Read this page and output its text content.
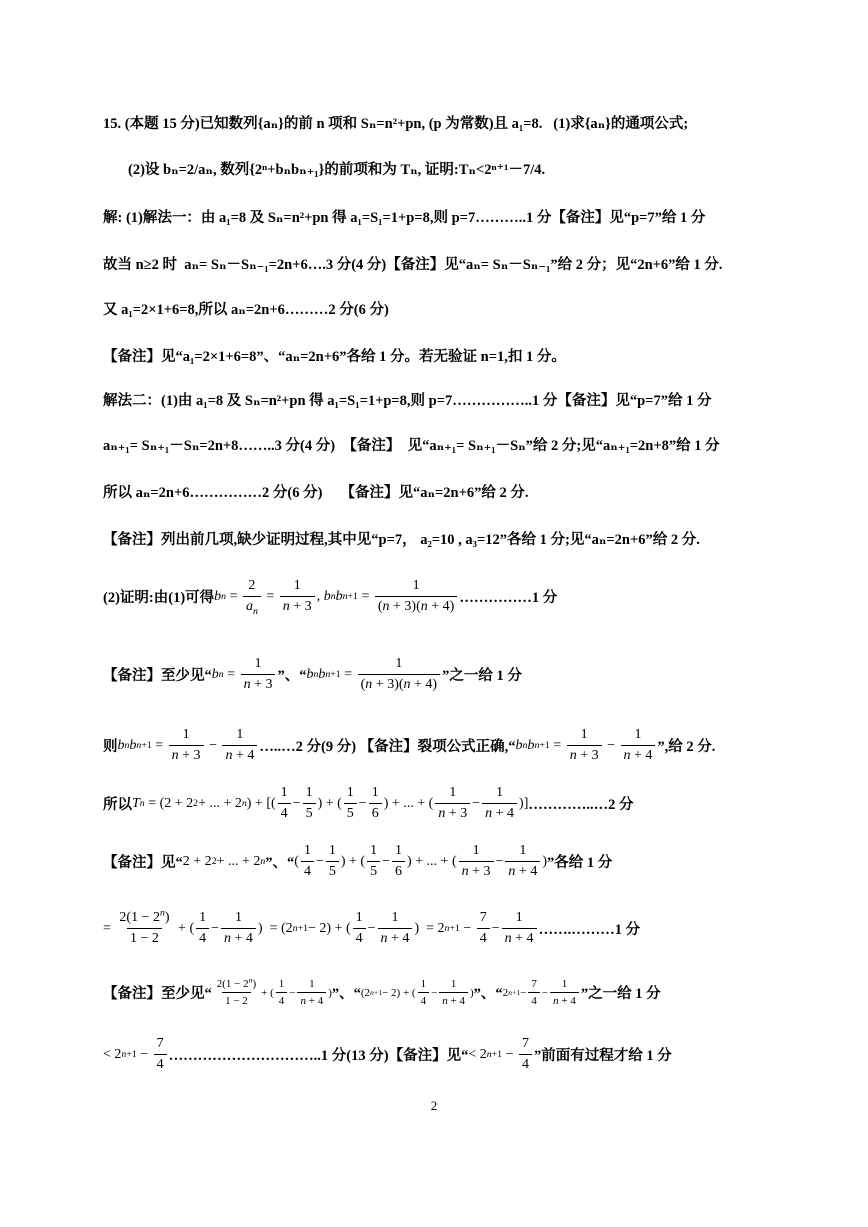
15. (本题 15 分)已知数列{aₙ}的前 n 项和 Sₙ=n²+pn, (p 为常数)且 a₁=8.   (1)求{aₙ}的通项公式;
(2)设 bₙ=2/aₙ, 数列{2ⁿ+bₙbₙ₊₁}的前项和为 Tₙ, 证明:Tₙ<2ⁿ⁺¹－7/4.
解: (1)解法一：由 a₁=8 及 Sₙ=n²+pn 得 a₁=S₁=1+p=8,则 p=7………..1 分【备注】见“p=7”给 1 分
故当 n≥2 时  aₙ= Sₙ－Sₙ₋₁=2n+6….3 分(4 分)【备注】见“aₙ= Sₙ－Sₙ₋₁”给 2 分；见“2n+6”给 1 分.
又 a₁=2×1+6=8,所以 aₙ=2n+6………2 分(6 分)
【备注】见“a₁=2×1+6=8”、“aₙ=2n+6”各给 1 分。若无验证 n=1,扣 1 分。
解法二：(1)由 a₁=8 及 Sₙ=n²+pn 得 a₁=S₁=1+p=8,则 p=7……………..1 分【备注】见“p=7”给 1 分
aₙ₊₁= Sₙ₊₁－Sₙ=2n+8……..3 分(4 分)  【备注】  见“aₙ₊₁= Sₙ₊₁－Sₙ”给 2 分;见“aₙ₊₁=2n+8”给 1 分
所以 aₙ=2n+6……………2 分(6 分)     【备注】见“aₙ=2n+6”给 2 分.
【备注】列出前几项,缺少证明过程,其中见“p=7， a₂=10 , a₃=12”各给 1 分;见“aₙ=2n+6”给 2 分.
(2)证明:由(1)可得 b $n = \frac{2}{a_n} = \frac{1}{n + 3}$ , b n b $n+1 = \frac{1}{(n + 3)(n + 4)}$ ……………1 分
【备注】至少见“ b $n = \frac{1}{n + 3}$ ”、“ b n b $n+1 = \frac{1}{(n + 3)(n + 4)}$ ”之一给 1 分
则 b n b $n+1 = \frac{1}{n + 3} - \frac{1}{n + 4}$ …..…2 分(9 分) 【备注】裂项公式正确,“ b n b $n+1 = \frac{1}{n + 3} - \frac{1}{n + 4}$ ”,给 2 分.
所以 T n = (2 + 2 2 + ... + 2 n ) + [( $\frac{1}{4} - \frac{1}{5}$ ) + ( $\frac{1}{5} - \frac{1}{6}$ ) + ... + ( $\frac{1}{n + 3} - \frac{1}{n + 4}$ )] …………..…2 分
【备注】见“ 2 + 2 2 + ... + 2 n ”、“ ( $\frac{1}{4} - \frac{1}{5}$ ) + ( $\frac{1}{5} - \frac{1}{6}$ ) + ... + ( $\frac{1}{n + 3} - \frac{1}{n + 4}$ ) ”各给 1 分
= $\frac{2(1 - 2^n)}{1 - 2}$ + ( $\frac{1}{4} - \frac{1}{n + 4}$ )  = (2 n+1 − 2) + ( $\frac{1}{4} - \frac{1}{n + 4}$ )  = 2 $n+1 - \frac{7}{4} - \frac{1}{n + 4}$ …….………1 分
【备注】至少见“ $\frac{2(1 - 2^n)}{1 - 2}$ + ( $\frac{1}{4} - \frac{1}{n + 4}$ ) ”、“ (2 n+1 − 2) + ( $\frac{1}{4} - \frac{1}{n + 4}$ ) ”、“ 2 $n+1 - \frac{7}{4} - \frac{1}{n + 4}$ ”之一给 1 分
< 2 $n+1 - \frac{7}{4}$ …………………………..1 分(13 分)【备注】见“ < 2 $n+1 - \frac{7}{4}$ ”前面有过程才给 1 分
2
